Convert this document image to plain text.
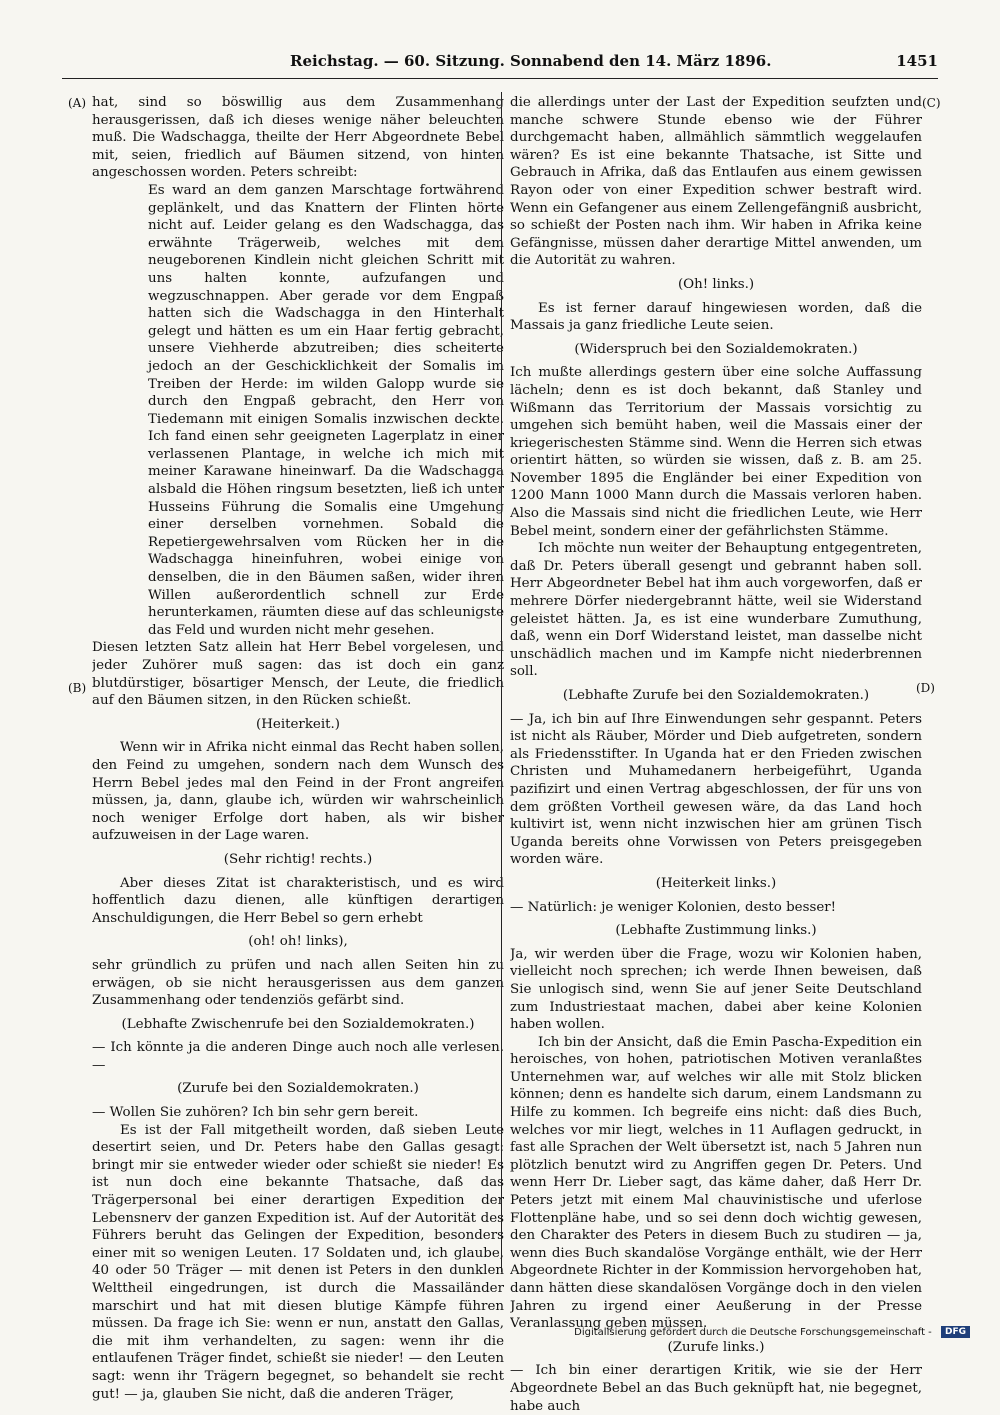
Reichstag. — 60. Sitzung. Sonnabend den 14. März 1896.	1451
(A)
(B)
(C)
(D)

hat, sind so böswillig aus dem Zusammenhang herausgerissen, daß ich dieses wenige näher beleuchten muß. Die Wadschagga, theilte der Herr Abgeordnete Bebel mit, seien, friedlich auf Bäumen sitzend, von hinten angeschossen worden. Peters schreibt:

Es ward an dem ganzen Marschtage fortwährend geplänkelt, und das Knattern der Flinten hörte nicht auf. Leider gelang es den Wadschagga, das erwähnte Trägerweib, welches mit dem neugeborenen Kindlein nicht gleichen Schritt mit uns halten konnte, aufzufangen und wegzuschnappen. Aber gerade vor dem Engpaß hatten sich die Wadschagga in den Hinterhalt gelegt und hätten es um ein Haar fertig gebracht, unsere Viehherde abzutreiben; dies scheiterte jedoch an der Geschicklichkeit der Somalis im Treiben der Herde: im wilden Galopp wurde sie durch den Engpaß gebracht, den Herr von Tiedemann mit einigen Somalis inzwischen deckte. Ich fand einen sehr geeigneten Lagerplatz in einer verlassenen Plantage, in welche ich mich mit meiner Karawane hineinwarf. Da die Wadschagga alsbald die Höhen ringsum besetzten, ließ ich unter Husseins Führung die Somalis eine Umgehung einer derselben vornehmen. Sobald die Repetiergewehrsalven vom Rücken her in die Wadschagga hineinfuhren, wobei einige von denselben, die in den Bäumen saßen, wider ihren Willen außerordentlich schnell zur Erde herunterkamen, räumten diese auf das schleunigste das Feld und wurden nicht mehr gesehen.

Diesen letzten Satz allein hat Herr Bebel vorgelesen, und jeder Zuhörer muß sagen: das ist doch ein ganz blutdürstiger, bösartiger Mensch, der Leute, die friedlich auf den Bäumen sitzen, in den Rücken schießt.

(Heiterkeit.)

Wenn wir in Afrika nicht einmal das Recht haben sollen, den Feind zu umgehen, sondern nach dem Wunsch des Herrn Bebel jedes mal den Feind in der Front angreifen müssen, ja, dann, glaube ich, würden wir wahrscheinlich noch weniger Erfolge dort haben, als wir bisher aufzuweisen in der Lage waren.

(Sehr richtig! rechts.)

Aber dieses Zitat ist charakteristisch, und es wird hoffentlich dazu dienen, alle künftigen derartigen Anschuldigungen, die Herr Bebel so gern erhebt

(oh! oh! links),

sehr gründlich zu prüfen und nach allen Seiten hin zu erwägen, ob sie nicht herausgerissen aus dem ganzen Zusammenhang oder tendenziös gefärbt sind.

(Lebhafte Zwischenrufe bei den Sozialdemokraten.)

— Ich könnte ja die anderen Dinge auch noch alle verlesen. —

(Zurufe bei den Sozialdemokraten.)

— Wollen Sie zuhören? Ich bin sehr gern bereit.

Es ist der Fall mitgetheilt worden, daß sieben Leute desertirt seien, und Dr. Peters habe den Gallas gesagt: bringt mir sie entweder wieder oder schießt sie nieder! Es ist nun doch eine bekannte Thatsache, daß das Trägerpersonal bei einer derartigen Expedition der Lebensnerv der ganzen Expedition ist. Auf der Autorität des Führers beruht das Gelingen der Expedition, besonders einer mit so wenigen Leuten. 17 Soldaten und, ich glaube, 40 oder 50 Träger — mit denen ist Peters in den dunklen Welttheil eingedrungen, ist durch die Massailänder marschirt und hat mit diesen blutige Kämpfe führen müssen. Da frage ich Sie: wenn er nun, anstatt den Gallas, die mit ihm verhandelten, zu sagen: wenn ihr die entlaufenen Träger findet, schießt sie nieder! — den Leuten sagt: wenn ihr Trägern begegnet, so behandelt sie recht gut! — ja, glauben Sie nicht, daß die anderen Träger,

die allerdings unter der Last der Expedition seufzten und manche schwere Stunde ebenso wie der Führer durchgemacht haben, allmählich sämmtlich weggelaufen wären? Es ist eine bekannte Thatsache, ist Sitte und Gebrauch in Afrika, daß das Entlaufen aus einem gewissen Rayon oder von einer Expedition schwer bestraft wird. Wenn ein Gefangener aus einem Zellengefängniß ausbricht, so schießt der Posten nach ihm. Wir haben in Afrika keine Gefängnisse, müssen daher derartige Mittel anwenden, um die Autorität zu wahren.

(Oh! links.)

Es ist ferner darauf hingewiesen worden, daß die Massais ja ganz friedliche Leute seien.

(Widerspruch bei den Sozialdemokraten.)

Ich mußte allerdings gestern über eine solche Auffassung lächeln; denn es ist doch bekannt, daß Stanley und Wißmann das Territorium der Massais vorsichtig zu umgehen sich bemüht haben, weil die Massais einer der kriegerischesten Stämme sind. Wenn die Herren sich etwas orientirt hätten, so würden sie wissen, daß z. B. am 25. November 1895 die Engländer bei einer Expedition von 1200 Mann 1000 Mann durch die Massais verloren haben. Also die Massais sind nicht die friedlichen Leute, wie Herr Bebel meint, sondern einer der gefährlichsten Stämme.

Ich möchte nun weiter der Behauptung entgegentreten, daß Dr. Peters überall gesengt und gebrannt haben soll. Herr Abgeordneter Bebel hat ihm auch vorgeworfen, daß er mehrere Dörfer niedergebrannt hätte, weil sie Widerstand geleistet hätten. Ja, es ist eine wunderbare Zumuthung, daß, wenn ein Dorf Widerstand leistet, man dasselbe nicht unschädlich machen und im Kampfe nicht niederbrennen soll.

(Lebhafte Zurufe bei den Sozialdemokraten.)

— Ja, ich bin auf Ihre Einwendungen sehr gespannt. Peters ist nicht als Räuber, Mörder und Dieb aufgetreten, sondern als Friedensstifter. In Uganda hat er den Frieden zwischen Christen und Muhamedanern herbeigeführt, Uganda pazifizirt und einen Vertrag abgeschlossen, der für uns von dem größten Vortheil gewesen wäre, da das Land hoch kultivirt ist, wenn nicht inzwischen hier am grünen Tisch Uganda bereits ohne Vorwissen von Peters preisgegeben worden wäre.

(Heiterkeit links.)

— Natürlich: je weniger Kolonien, desto besser!

(Lebhafte Zustimmung links.)

Ja, wir werden über die Frage, wozu wir Kolonien haben, vielleicht noch sprechen; ich werde Ihnen beweisen, daß Sie unlogisch sind, wenn Sie auf jener Seite Deutschland zum Industriestaat machen, dabei aber keine Kolonien haben wollen.

Ich bin der Ansicht, daß die Emin Pascha-Expedition ein heroisches, von hohen, patriotischen Motiven veranlaßtes Unternehmen war, auf welches wir alle mit Stolz blicken können; denn es handelte sich darum, einem Landsmann zu Hilfe zu kommen. Ich begreife eins nicht: daß dies Buch, welches vor mir liegt, welches in 11 Auflagen gedruckt, in fast alle Sprachen der Welt übersetzt ist, nach 5 Jahren nun plötzlich benutzt wird zu Angriffen gegen Dr. Peters. Und wenn Herr Dr. Lieber sagt, das käme daher, daß Herr Dr. Peters jetzt mit einem Mal chauvinistische und uferlose Flottenpläne habe, und so sei denn doch wichtig gewesen, den Charakter des Peters in diesem Buch zu studiren — ja, wenn dies Buch skandalöse Vorgänge enthält, wie der Herr Abgeordnete Richter in der Kommission hervorgehoben hat, dann hätten diese skandalösen Vorgänge doch in den vielen Jahren zu irgend einer Aeußerung in der Presse Veranlassung geben müssen.

(Zurufe links.)

— Ich bin einer derartigen Kritik, wie sie der Herr Abgeordnete Bebel an das Buch geknüpft hat, nie begegnet, habe auch

Digitalisierung gefördert durch die Deutsche Forschungsgemeinschaft - DFG
